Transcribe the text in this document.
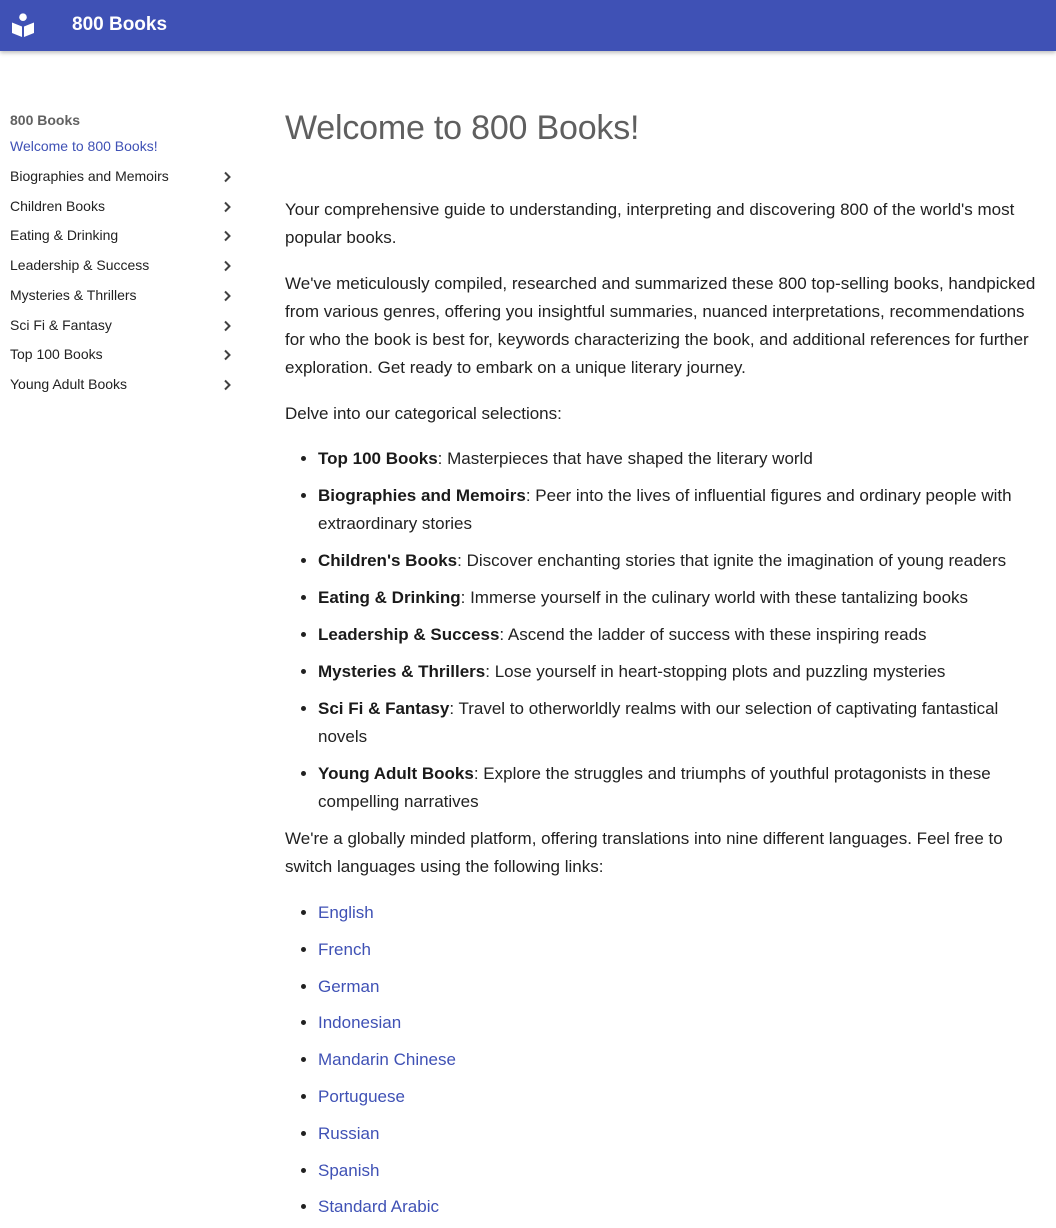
800 Books
800 Books
Welcome to 800 Books!
Biographies and Memoirs
Children Books
Eating & Drinking
Leadership & Success
Mysteries & Thrillers
Sci Fi & Fantasy
Top 100 Books
Young Adult Books
Welcome to 800 Books!

Your comprehensive guide to understanding, interpreting and discovering 800 of the world's most popular books.

We've meticulously compiled, researched and summarized these 800 top-selling books, handpicked from various genres, offering you insightful summaries, nuanced interpretations, recommendations for who the book is best for, keywords characterizing the book, and additional references for further exploration. Get ready to embark on a unique literary journey.

Delve into our categorical selections:

• Top 100 Books: Masterpieces that have shaped the literary world
• Biographies and Memoirs: Peer into the lives of influential figures and ordinary people with extraordinary stories
• Children's Books: Discover enchanting stories that ignite the imagination of young readers
• Eating & Drinking: Immerse yourself in the culinary world with these tantalizing books
• Leadership & Success: Ascend the ladder of success with these inspiring reads
• Mysteries & Thrillers: Lose yourself in heart-stopping plots and puzzling mysteries
• Sci Fi & Fantasy: Travel to otherworldly realms with our selection of captivating fantastical novels
• Young Adult Books: Explore the struggles and triumphs of youthful protagonists in these compelling narratives

We're a globally minded platform, offering translations into nine different languages. Feel free to switch languages using the following links:

• English
• French
• German
• Indonesian
• Mandarin Chinese
• Portuguese
• Russian
• Spanish
• Standard Arabic
